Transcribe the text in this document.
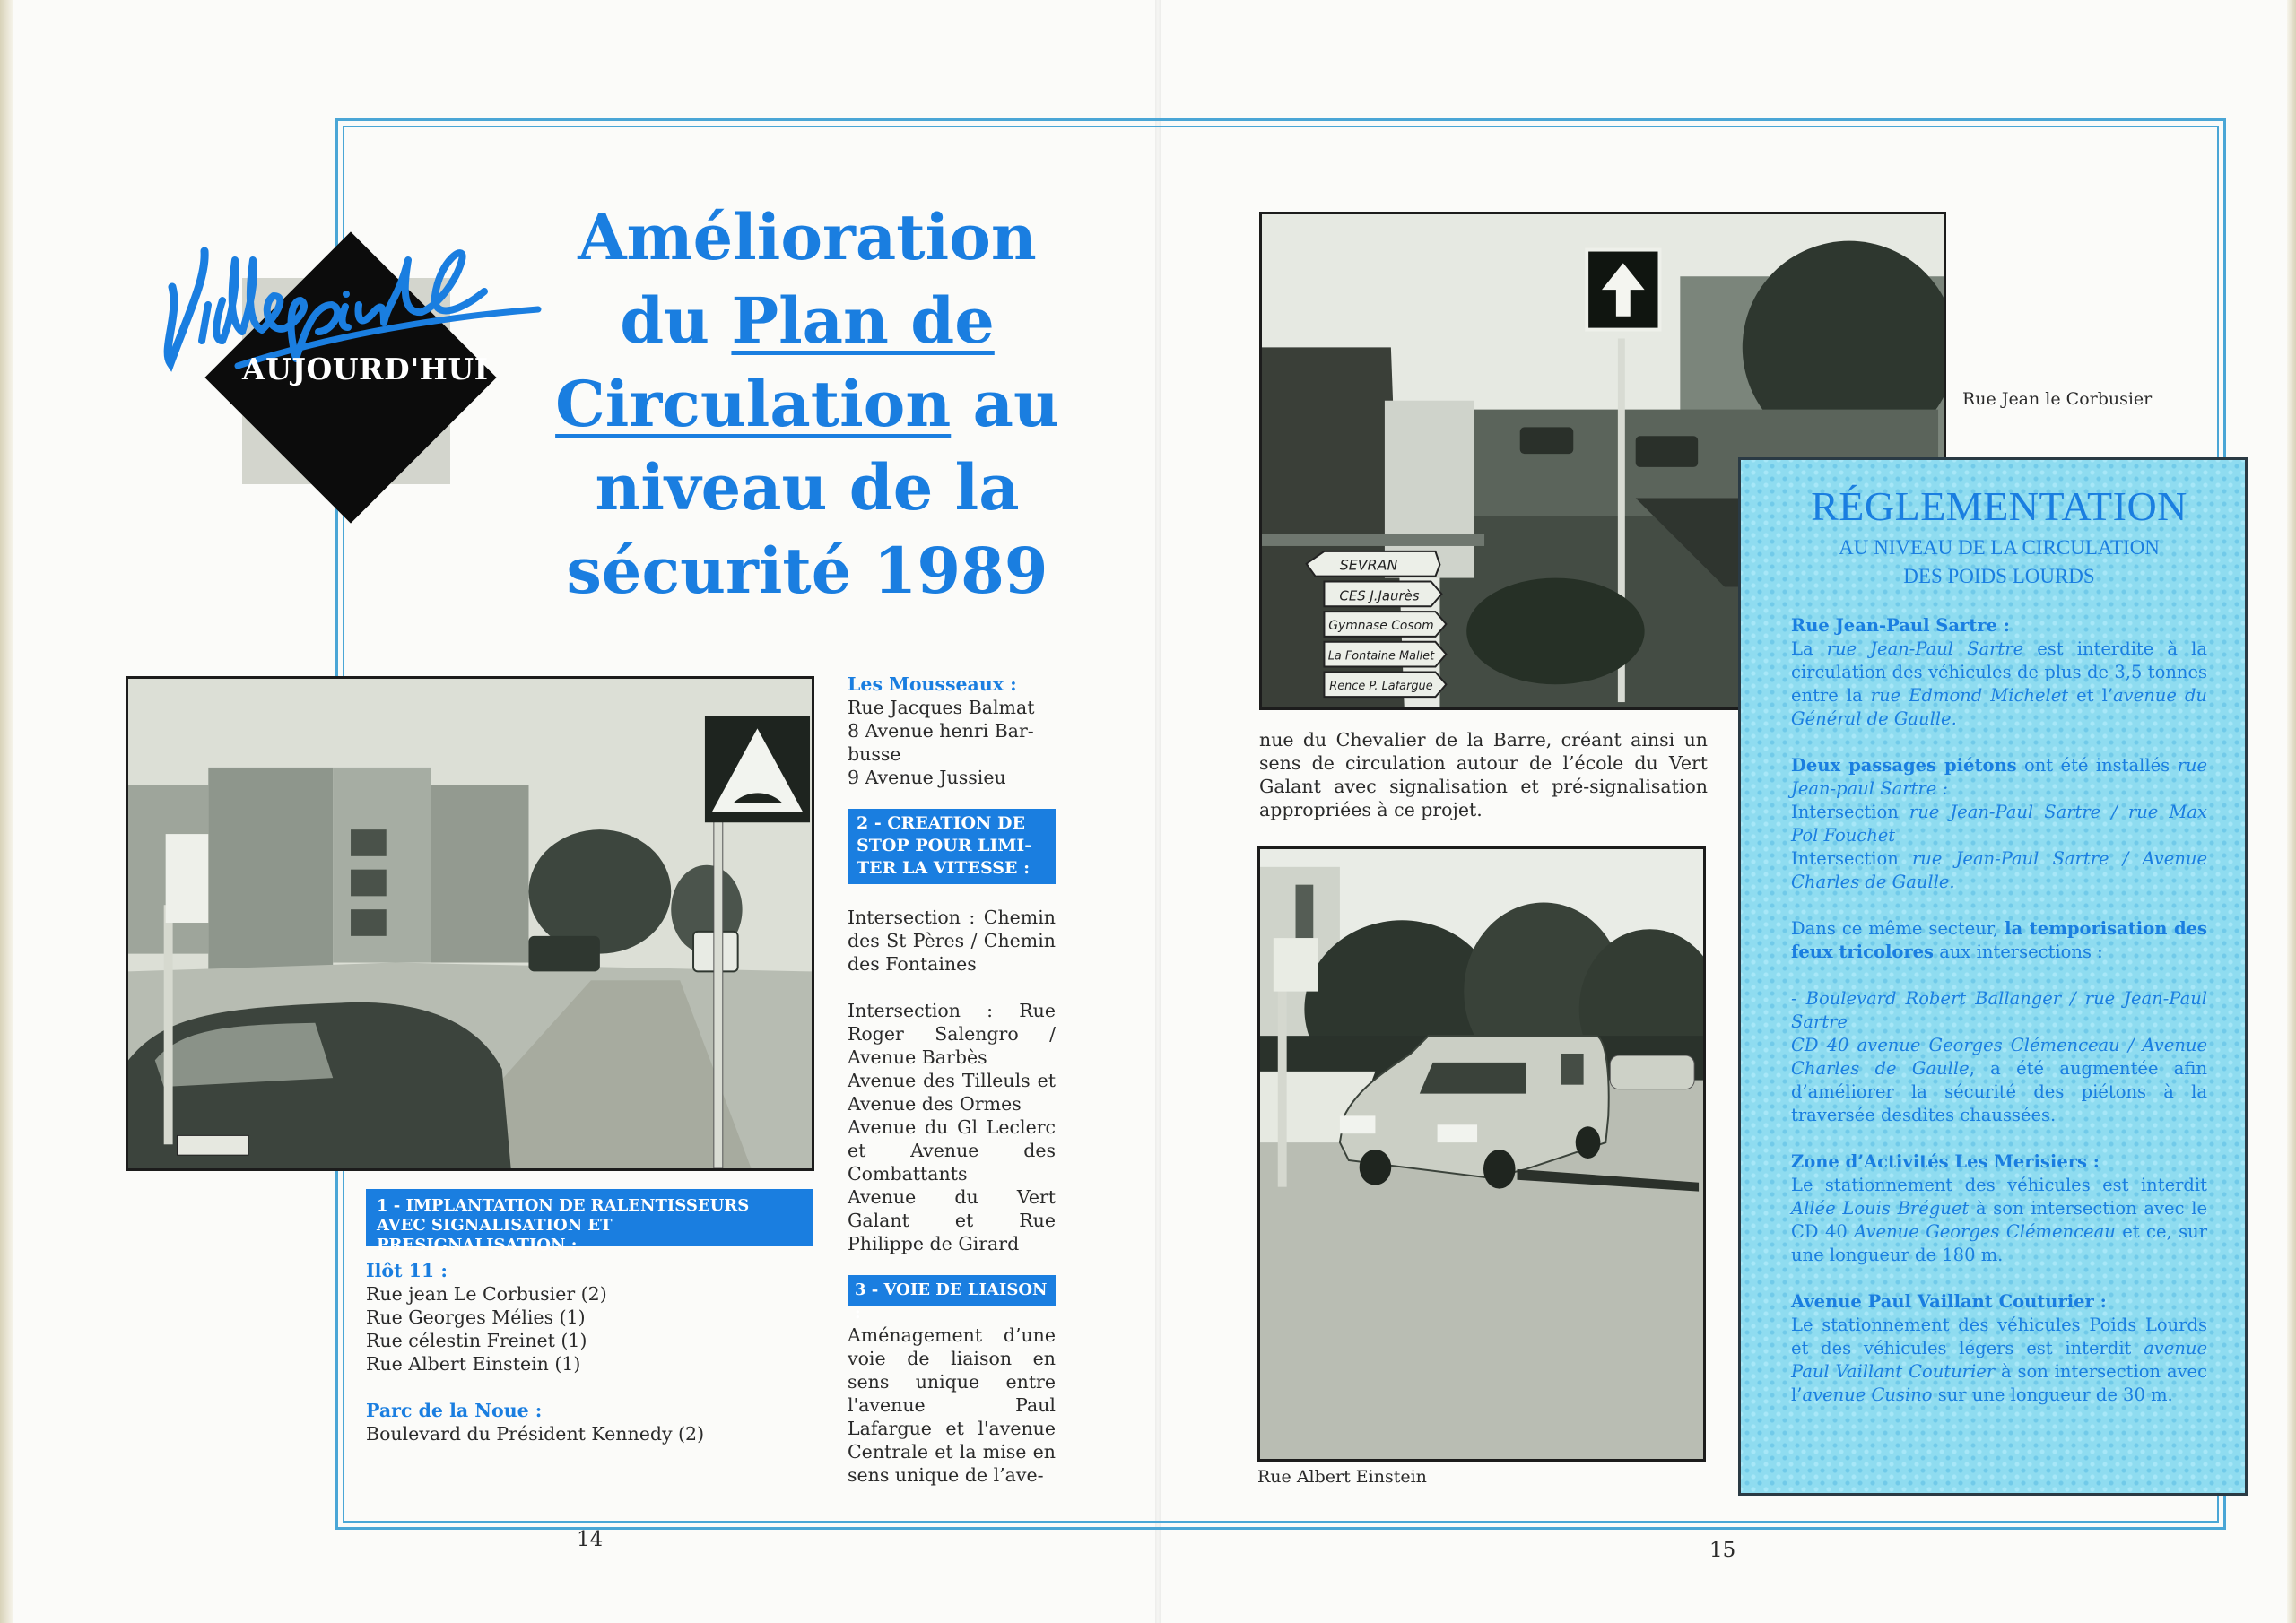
AUJOURD'HUI
Amélioration
du Plan de
Circulation au
niveau de la
sécurité 1989
1 - IMPLANTATION DE RALENTISSEURS AVEC SIGNALISATION ET PRESIGNALISATION :
Ilôt 11 :
Rue jean Le Corbusier (2)
Rue Georges Mélies (1)
Rue célestin Freinet (1)
Rue Albert Einstein (1)
Parc de la Noue :
Boulevard du Président Kennedy (2)
Les Mousseaux :
Rue Jacques Balmat
8 Avenue henri Bar-
busse
9 Avenue Jussieu
2 - CREATION DE
STOP POUR LIMI-
TER LA VITESSE :
Intersection : Chemin des St Pères / Chemin des Fontaines
Intersection : Rue Roger Salengro / Avenue Barbès
Avenue des Tilleuls et Avenue des Ormes
Avenue du Gl Leclerc et Avenue des Combattants
Avenue du Vert Galant et Rue Philippe de Girard
3 - VOIE DE LIAISON :
Aménagement d’une voie de liaison en sens unique entre l'avenue Paul Lafargue et l'avenue Centrale et la mise en sens unique de l’ave-
14
SEVRAN
CES J.Jaurès
Gymnase Cosom
La Fontaine Mallet
Rence P. Lafargue
Rue Jean le Corbusier
nue du Chevalier de la Barre, créant ainsi un sens de circulation autour de l’école du Vert Galant avec signalisation et pré-signalisation appropriées à ce projet.
Rue Albert Einstein
15
RÉGLEMENTATION
AU NIVEAU DE LA CIRCULATION
DES POIDS LOURDS
Rue Jean-Paul Sartre :
La rue Jean-Paul Sartre est interdite à la circulation des véhicules de plus de 3,5 tonnes entre la rue Edmond Michelet et l’avenue du Général de Gaulle.
Deux passages piétons ont été installés rue Jean-paul Sartre :
Intersection rue Jean-Paul Sartre / rue Max Pol Fouchet
Intersection rue Jean-Paul Sartre / Avenue Charles de Gaulle.
Dans ce même secteur, la temporisation des feux tricolores aux intersections :
- Boulevard Robert Ballanger / rue Jean-Paul Sartre
CD 40 avenue Georges Clémenceau / Avenue Charles de Gaulle, a été augmentée afin d’améliorer la sécurité des piétons à la traversée desdites chaussées.
Zone d’Activités Les Merisiers :
Le stationnement des véhicules est interdit Allée Louis Bréguet à son intersection avec le CD 40 Avenue Georges Clémenceau et ce, sur une longueur de 180 m.
Avenue Paul Vaillant Couturier :
Le stationnement des véhicules Poids Lourds et des véhicules légers est interdit avenue Paul Vaillant Couturier à son intersection avec l’avenue Cusino sur une longueur de 30 m.
